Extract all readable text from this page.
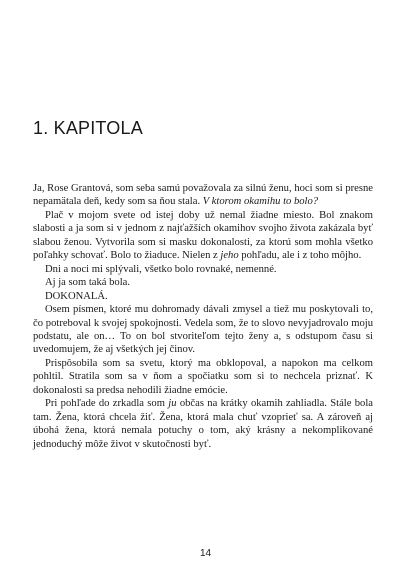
1. KAPITOLA

Ja, Rose Grantová, som seba samú považovala za silnú ženu, hoci som si presne nepamätala deň, kedy som sa ňou stala. V ktorom okamihu to bolo?

Plač v mojom svete od istej doby už nemal žiadne miesto. Bol znakom slabosti a ja som si v jednom z najťažších okamihov svojho života zakázala byť slabou ženou. Vytvorila som si masku dokonalosti, za ktorú som mohla všetko poľahky schovať. Bolo to žiaduce. Nielen z jeho pohľadu, ale i z toho môjho.

Dni a noci mi splývali, všetko bolo rovnaké, nemenné.

Aj ja som taká bola.

DOKONALÁ.

Osem písmen, ktoré mu dohromady dávali zmysel a tiež mu poskytovali to, čo potreboval k svojej spokojnosti. Vedela som, že to slovo nevyjadrovalo moju podstatu, ale on… To on bol stvoriteľom tejto ženy a, s odstupom času si uvedomujem, že aj všetkých jej činov.

Prispôsobila som sa svetu, ktorý ma obklopoval, a napokon ma celkom pohltil. Stratila som sa v ňom a spočiatku som si to nechcela priznať. K dokonalosti sa predsa nehodili žiadne emócie.

Pri pohľade do zrkadla som ju občas na krátky okamih zahliadla. Stále bola tam. Žena, ktorá chcela žiť. Žena, ktorá mala chuť vzoprieť sa. A zároveň aj úbohá žena, ktorá nemala potuchy o tom, aký krásny a nekomplikované jednoduchý môže život v skutočnosti byť.

14
